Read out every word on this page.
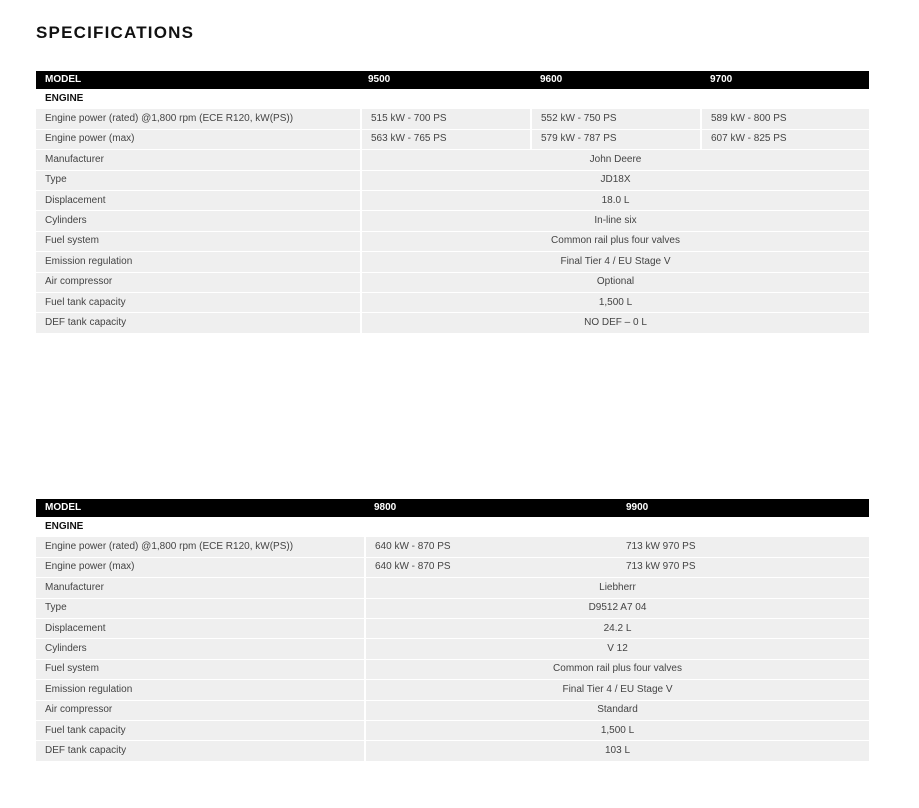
SPECIFICATIONS
MODEL	9500	9600	9700
ENGINE			
Engine power (rated) @1,800 rpm (ECE R120, kW(PS))	515 kW - 700 PS	552 kW - 750 PS	589 kW - 800 PS
Engine power (max)	563 kW - 765 PS	579 kW - 787 PS	607 kW - 825 PS
Manufacturer	John Deere		
Type	JD18X		
Displacement	18.0 L		
Cylinders	In-line six		
Fuel system	Common rail plus four valves		
Emission regulation	Final Tier 4 / EU Stage V		
Air compressor	Optional		
Fuel tank capacity	1,500 L		
DEF tank capacity	NO DEF – 0 L		
MODEL	9800	9900
ENGINE		
Engine power (rated) @1,800 rpm (ECE R120, kW(PS))	640 kW - 870 PS	713 kW 970 PS
Engine power (max)	640 kW - 870 PS	713 kW 970 PS
Manufacturer	Liebherr	
Type	D9512 A7 04	
Displacement	24.2 L	
Cylinders	V 12	
Fuel system	Common rail plus four valves	
Emission regulation	Final Tier 4 / EU Stage V	
Air compressor	Standard	
Fuel tank capacity	1,500 L	
DEF tank capacity	103 L	
